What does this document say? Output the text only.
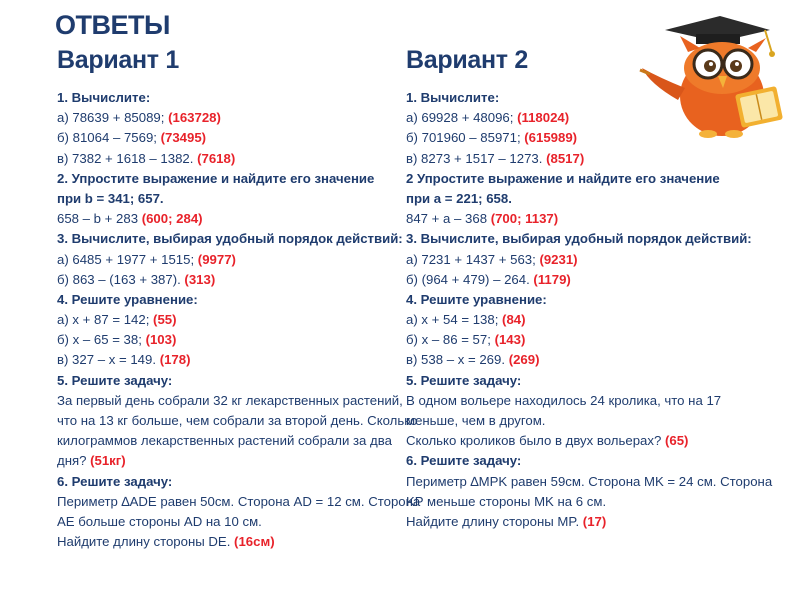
ОТВЕТЫ
Вариант 1	Вариант 2
1. Вычислите:
а) 78639 + 85089; (163728)
б) 81064 – 7569; (73495)
в) 7382 + 1618 – 1382. (7618)
2. Упростите выражение и найдите его значение
при b = 341; 657.
658 – b + 283 (600; 284)
3. Вычислите, выбирая удобный порядок действий:
а) 6485 + 1977 + 1515; (9977)
б) 863 – (163 + 387). (313)
4. Решите уравнение:
а) х + 87 = 142; (55)
б) х – 65 = 38; (103)
в) 327 – х = 149. (178)
5. Решите задачу:
За первый день собрали 32 кг лекарственных растений,
что на 13 кг больше, чем собрали за второй день. Сколько
килограммов лекарственных растений собрали за два
дня? (51кг)
6. Решите задачу:
Периметр ∆ADE равен 50см. Сторона AD = 12 см. Сторона
AE больше стороны AD на 10 см.
Найдите длину стороны DE. (16см)
1. Вычислите:
а) 69928 + 48096; (118024)
б) 701960 – 85971; (615989)
в) 8273 + 1517 – 1273. (8517)
2 Упростите выражение и найдите его значение
при а = 221; 658.
847 + а – 368 (700; 1137)
3. Вычислите, выбирая удобный порядок действий:
а) 7231 + 1437 + 563; (9231)
б) (964 + 479) – 264. (1179)
4. Решите уравнение:
а) х + 54 = 138; (84)
б) х – 86 = 57; (143)
в) 538 – х = 269. (269)
5. Решите задачу:
В одном вольере находилось 24 кролика, что на 17
меньше, чем в другом.
Сколько кроликов было в двух вольерах? (65)
6. Решите задачу:
Периметр ∆MPK равен 59см. Сторона MK = 24 см. Сторона
KP меньше стороны MK на 6 см.
Найдите длину стороны MP. (17)
